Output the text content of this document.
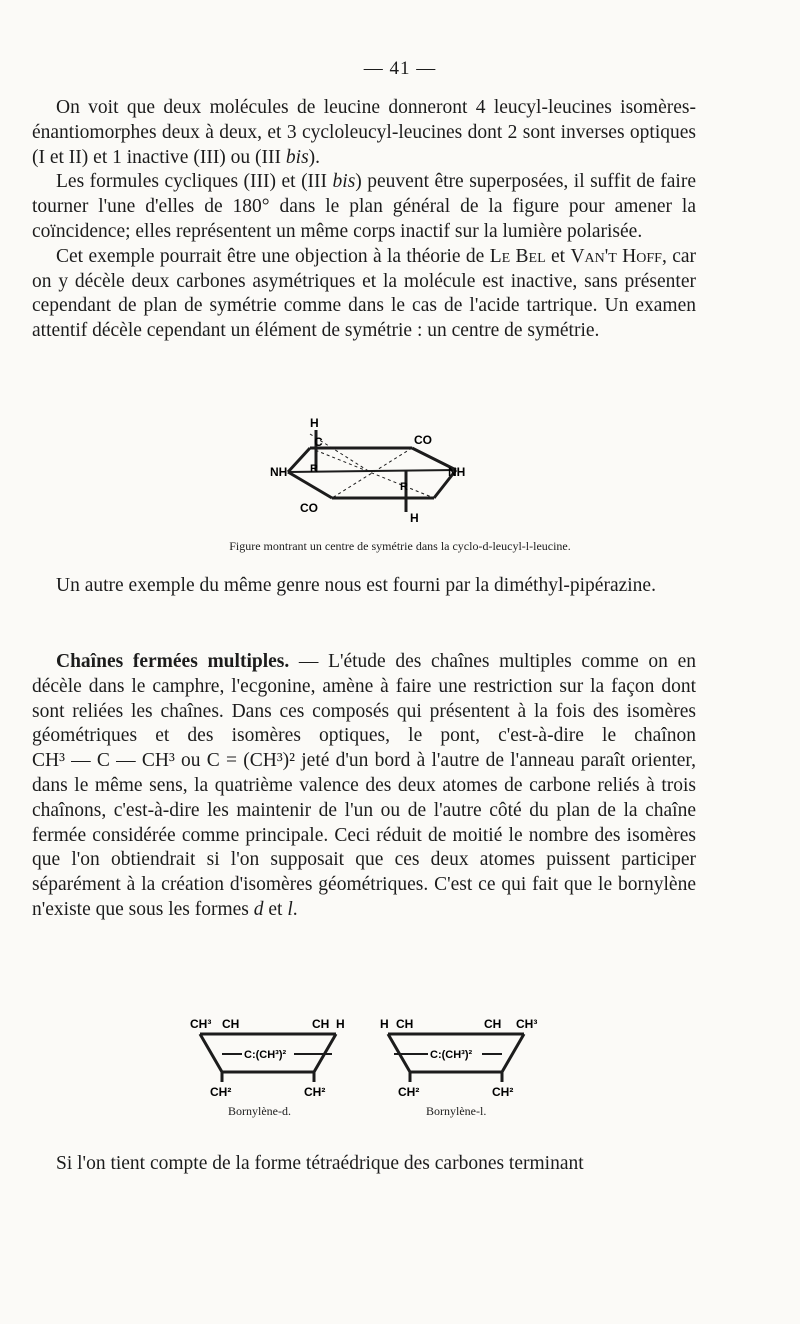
— 41 —

On voit que deux molécules de leucine donneront 4 leucyl-leucines isomères-énantiomorphes deux à deux, et 3 cycloleucyl-leucines dont 2 sont inverses optiques (I et II) et 1 inactive (III) ou (III bis).

Les formules cycliques (III) et (III bis) peuvent être superposées, il suffit de faire tourner l'une d'elles de 180° dans le plan général de la figure pour amener la coïncidence; elles représentent un même corps inactif sur la lumière polarisée.

Cet exemple pourrait être une objection à la théorie de Le Bel et Van't Hoff, car on y décèle deux carbones asymétriques et la molécule est inactive, sans présenter cependant de plan de symétrie comme dans le cas de l'acide tartrique. Un examen attentif décèle cependant un élément de symétrie : un centre de symétrie.

H
C	CO
NH	NH
R
R
CO
H
Figure montrant un centre de symétrie dans la cyclo-d-leucyl-l-leucine.

Un autre exemple du même genre nous est fourni par la diméthyl-pipérazine.

Chaînes fermées multiples. — L'étude des chaînes multiples comme on en décèle dans le camphre, l'ecgonine, amène à faire une restriction sur la façon dont sont reliées les chaînes. Dans ces composés qui présentent à la fois des isomères géométriques et des isomères optiques, le pont, c'est-à-dire le chaînon CH³ — C — CH³ ou C = (CH³)² jeté d'un bord à l'autre de l'anneau paraît orienter, dans le même sens, la quatrième valence des deux atomes de carbone reliés à trois chaînons, c'est-à-dire les maintenir de l'un ou de l'autre côté du plan de la chaîne fermée considérée comme principale. Ceci réduit de moitié le nombre des isomères que l'on obtiendrait si l'on supposait que ces deux atomes puissent participer séparément à la création d'isomères géométriques. C'est ce qui fait que le bornylène n'existe que sous les formes d et l.

CH³ CH	CH H
C:(CH³)²
CH²	CH²
H CH	CH CH³
C:(CH³)²
CH²	CH²
Bornylène-d.	Bornylène-l.

Si l'on tient compte de la forme tétraédrique des carbones terminant
